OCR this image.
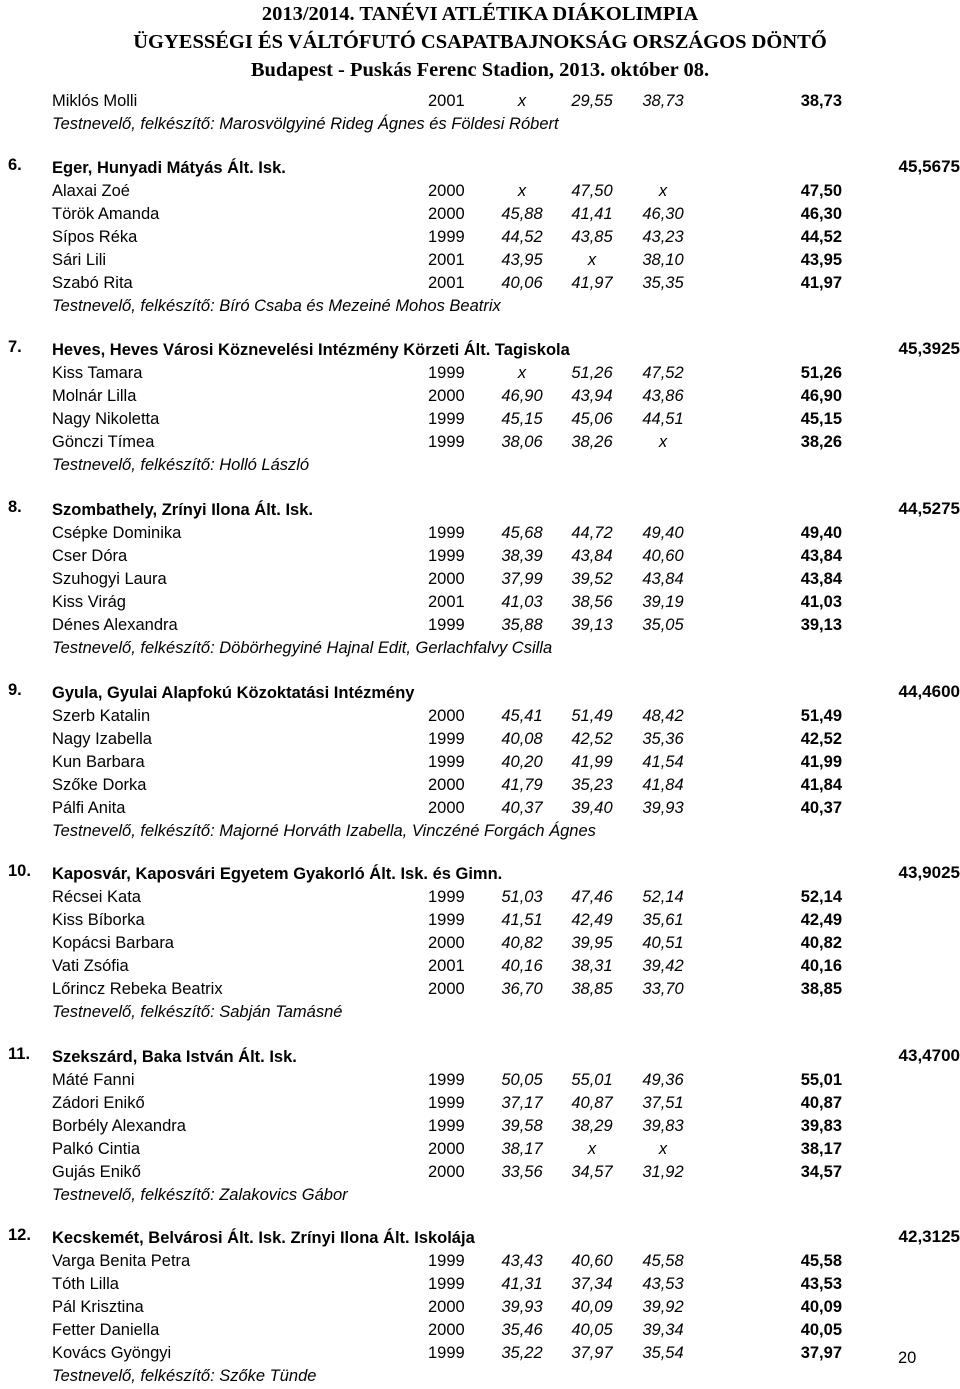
2013/2014. TANÉVI ATLÉTIKA DIÁKOLIMPIA
ÜGYESSÉGI ÉS VÁLTÓFUTÓ CSAPATBAJNOKSÁG ORSZÁGOS DÖNTŐ
Budapest - Puskás Ferenc Stadion, 2013. október 08.
Miklós Molli	2001	x	29,55	38,73	38,73
Testnevelő, felkészítő: Marosvölgyiné Rideg Ágnes és Földesi Róbert
6. Eger, Hunyadi Mátyás Ált. Isk.	45,5675
Alaxai Zoé	2000	x	47,50	x	47,50
Török Amanda	2000	45,88	41,41	46,30	46,30
Sípos Réka	1999	44,52	43,85	43,23	44,52
Sári Lili	2001	43,95	x	38,10	43,95
Szabó Rita	2001	40,06	41,97	35,35	41,97
Testnevelő, felkészítő: Bíró Csaba és Mezeiné Mohos Beatrix
7. Heves, Heves Városi Köznevelési Intézmény Körzeti Ált. Tagiskola	45,3925
Kiss Tamara	1999	x	51,26	47,52	51,26
Molnár Lilla	2000	46,90	43,94	43,86	46,90
Nagy Nikoletta	1999	45,15	45,06	44,51	45,15
Gönczi Tímea	1999	38,06	38,26	x	38,26
Testnevelő, felkészítő: Holló László
8. Szombathely, Zrínyi Ilona Ált. Isk.	44,5275
Csépke Dominika	1999	45,68	44,72	49,40	49,40
Cser Dóra	1999	38,39	43,84	40,60	43,84
Szuhogyi Laura	2000	37,99	39,52	43,84	43,84
Kiss Virág	2001	41,03	38,56	39,19	41,03
Dénes Alexandra	1999	35,88	39,13	35,05	39,13
Testnevelő, felkészítő: Döbörhegyiné Hajnal Edit, Gerlachfalvy Csilla
9. Gyula, Gyulai Alapfokú Közoktatási Intézmény	44,4600
Szerb Katalin	2000	45,41	51,49	48,42	51,49
Nagy Izabella	1999	40,08	42,52	35,36	42,52
Kun Barbara	1999	40,20	41,99	41,54	41,99
Szőke Dorka	2000	41,79	35,23	41,84	41,84
Pálfi Anita	2000	40,37	39,40	39,93	40,37
Testnevelő, felkészítő: Majorné Horváth Izabella, Vinczéné Forgách Ágnes
10. Kaposvár, Kaposvári Egyetem Gyakorló Ált. Isk. és Gimn.	43,9025
Récsei Kata	1999	51,03	47,46	52,14	52,14
Kiss Bíborka	1999	41,51	42,49	35,61	42,49
Kopácsi Barbara	2000	40,82	39,95	40,51	40,82
Vati Zsófia	2001	40,16	38,31	39,42	40,16
Lőrincz Rebeka Beatrix	2000	36,70	38,85	33,70	38,85
Testnevelő, felkészítő: Sabján Tamásné
11. Szekszárd, Baka István Ált. Isk.	43,4700
Máté Fanni	1999	50,05	55,01	49,36	55,01
Zádori Enikő	1999	37,17	40,87	37,51	40,87
Borbély Alexandra	1999	39,58	38,29	39,83	39,83
Palkó Cintia	2000	38,17	x	x	38,17
Gujás Enikő	2000	33,56	34,57	31,92	34,57
Testnevelő, felkészítő: Zalakovics Gábor
12. Kecskemét, Belvárosi Ált. Isk. Zrínyi Ilona Ált. Iskolája	42,3125
Varga Benita Petra	1999	43,43	40,60	45,58	45,58
Tóth Lilla	1999	41,31	37,34	43,53	43,53
Pál Krisztina	2000	39,93	40,09	39,92	40,09
Fetter Daniella	2000	35,46	40,05	39,34	40,05
Kovács Gyöngyi	1999	35,22	37,97	35,54	37,97
Testnevelő, felkészítő: Szőke Tünde
20
